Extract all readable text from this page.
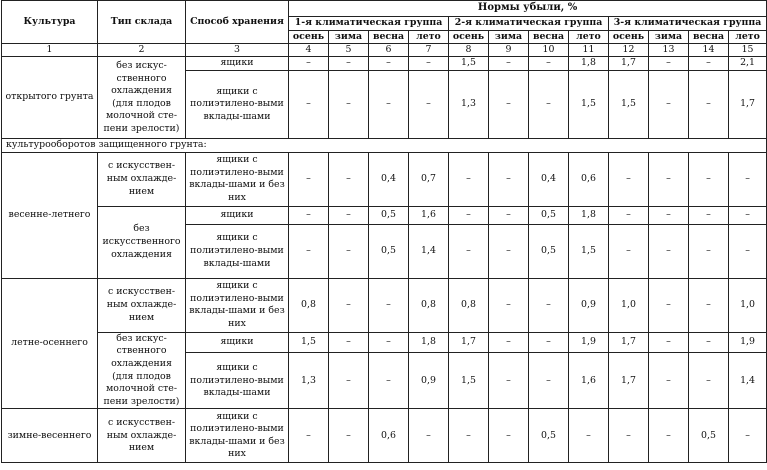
Культура	Тип склада	Способ хранения	Нормы убыли, %											
			1-я климатическая группа				2-я климатическая группа				3-я климатическая группа			
			осень	зима	весна	лето	осень	зима	весна	лето	осень	зима	весна	лето
1	2	3	4	5	6	7	8	9	10	11	12	13	14	15
открытого грунта	без искус-ственного охлаждения (для плодов молочной сте-пени зрелости)	ящики	–	–	–	–	1,5	–	–	1,8	1,7	–	–	2,1
		ящики с полиэтилено-выми вклады-шами	–	–	–	–	1,3	–	–	1,5	1,5	–	–	1,7
культурооборотов защищенного грунта:														
весенне-летнего	с искусствен-ным охлажде-нием	ящики с полиэтилено-выми вклады-шами и без них	–	–	0,4	0,7	–	–	0,4	0,6	–	–	–	–
	без искусственного охлаждения	ящики	–	–	0,5	1,6	–	–	0,5	1,8	–	–	–	–
		ящики с полиэтилено-выми вклады-шами	–	–	0,5	1,4	–	–	0,5	1,5	–	–	–	–
летне-осеннего	с искусствен-ным охлажде-нием	ящики с полиэтилено-выми вклады-шами и без них	0,8	–	–	0,8	0,8	–	–	0,9	1,0	–	–	1,0
	без искус-ственного охлаждения (для плодов молочной сте-пени зрелости)	ящики	1,5	–	–	1,8	1,7	–	–	1,9	1,7	–	–	1,9
		ящики с полиэтилено-выми вклады-шами	1,3	–	–	0,9	1,5	–	–	1,6	1,7	–	–	1,4
зимне-весеннего	с искусствен-ным охлажде-нием	ящики с полиэтилено-выми вклады-шами и без них	–	–	0,6	–	–	–	0,5	–	–	–	0,5	–
